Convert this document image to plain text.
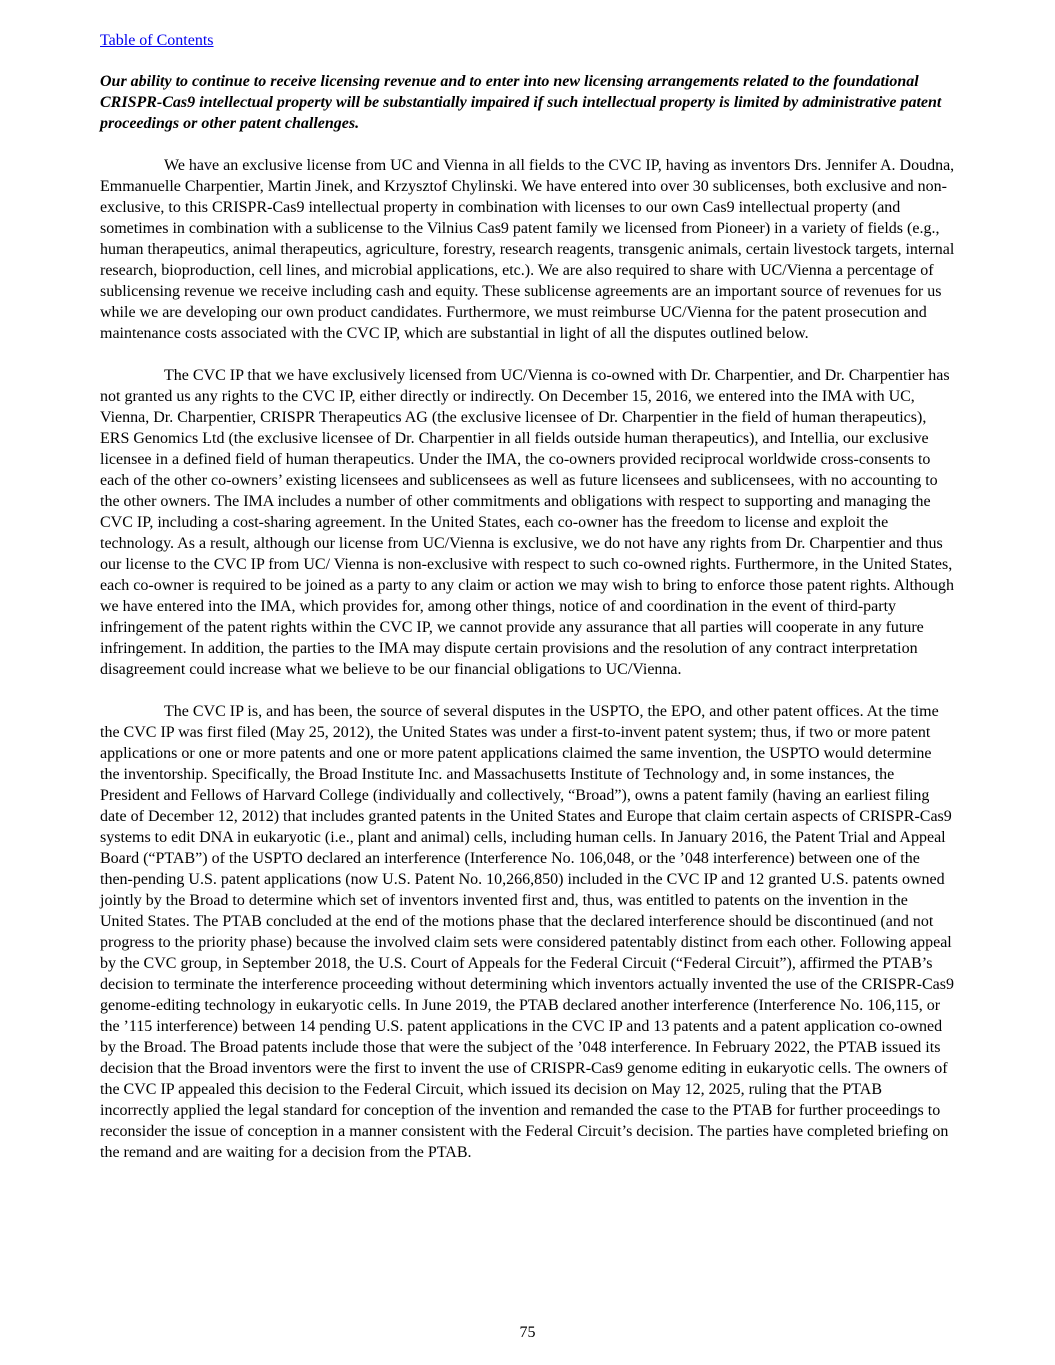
Table of Contents

Our ability to continue to receive licensing revenue and to enter into new licensing arrangements related to the foundational CRISPR-Cas9 intellectual property will be substantially impaired if such intellectual property is limited by administrative patent proceedings or other patent challenges.

We have an exclusive license from UC and Vienna in all fields to the CVC IP, having as inventors Drs. Jennifer A. Doudna, Emmanuelle Charpentier, Martin Jinek, and Krzysztof Chylinski. We have entered into over 30 sublicenses, both exclusive and non-exclusive, to this CRISPR-Cas9 intellectual property in combination with licenses to our own Cas9 intellectual property (and sometimes in combination with a sublicense to the Vilnius Cas9 patent family we licensed from Pioneer) in a variety of fields (e.g., human therapeutics, animal therapeutics, agriculture, forestry, research reagents, transgenic animals, certain livestock targets, internal research, bioproduction, cell lines, and microbial applications, etc.). We are also required to share with UC/Vienna a percentage of sublicensing revenue we receive including cash and equity. These sublicense agreements are an important source of revenues for us while we are developing our own product candidates. Furthermore, we must reimburse UC/Vienna for the patent prosecution and maintenance costs associated with the CVC IP, which are substantial in light of all the disputes outlined below.

The CVC IP that we have exclusively licensed from UC/Vienna is co-owned with Dr. Charpentier, and Dr. Charpentier has not granted us any rights to the CVC IP, either directly or indirectly. On December 15, 2016, we entered into the IMA with UC, Vienna, Dr. Charpentier, CRISPR Therapeutics AG (the exclusive licensee of Dr. Charpentier in the field of human therapeutics), ERS Genomics Ltd (the exclusive licensee of Dr. Charpentier in all fields outside human therapeutics), and Intellia, our exclusive licensee in a defined field of human therapeutics. Under the IMA, the co-owners provided reciprocal worldwide cross-consents to each of the other co-owners’ existing licensees and sublicensees as well as future licensees and sublicensees, with no accounting to the other owners. The IMA includes a number of other commitments and obligations with respect to supporting and managing the CVC IP, including a cost-sharing agreement. In the United States, each co-owner has the freedom to license and exploit the technology. As a result, although our license from UC/Vienna is exclusive, we do not have any rights from Dr. Charpentier and thus our license to the CVC IP from UC/ Vienna is non-exclusive with respect to such co-owned rights. Furthermore, in the United States, each co-owner is required to be joined as a party to any claim or action we may wish to bring to enforce those patent rights. Although we have entered into the IMA, which provides for, among other things, notice of and coordination in the event of third-party infringement of the patent rights within the CVC IP, we cannot provide any assurance that all parties will cooperate in any future infringement. In addition, the parties to the IMA may dispute certain provisions and the resolution of any contract interpretation disagreement could increase what we believe to be our financial obligations to UC/Vienna.

The CVC IP is, and has been, the source of several disputes in the USPTO, the EPO, and other patent offices. At the time the CVC IP was first filed (May 25, 2012), the United States was under a first-to-invent patent system; thus, if two or more patent applications or one or more patents and one or more patent applications claimed the same invention, the USPTO would determine the inventorship. Specifically, the Broad Institute Inc. and Massachusetts Institute of Technology and, in some instances, the President and Fellows of Harvard College (individually and collectively, “Broad”), owns a patent family (having an earliest filing date of December 12, 2012) that includes granted patents in the United States and Europe that claim certain aspects of CRISPR-Cas9 systems to edit DNA in eukaryotic (i.e., plant and animal) cells, including human cells. In January 2016, the Patent Trial and Appeal Board (“PTAB”) of the USPTO declared an interference (Interference No. 106,048, or the ’048 interference) between one of the then-pending U.S. patent applications (now U.S. Patent No. 10,266,850) included in the CVC IP and 12 granted U.S. patents owned jointly by the Broad to determine which set of inventors invented first and, thus, was entitled to patents on the invention in the United States. The PTAB concluded at the end of the motions phase that the declared interference should be discontinued (and not progress to the priority phase) because the involved claim sets were considered patentably distinct from each other. Following appeal by the CVC group, in September 2018, the U.S. Court of Appeals for the Federal Circuit (“Federal Circuit”), affirmed the PTAB’s decision to terminate the interference proceeding without determining which inventors actually invented the use of the CRISPR-Cas9 genome-editing technology in eukaryotic cells. In June 2019, the PTAB declared another interference (Interference No. 106,115, or the ’115 interference) between 14 pending U.S. patent applications in the CVC IP and 13 patents and a patent application co-owned by the Broad. The Broad patents include those that were the subject of the ’048 interference. In February 2022, the PTAB issued its decision that the Broad inventors were the first to invent the use of CRISPR-Cas9 genome editing in eukaryotic cells. The owners of the CVC IP appealed this decision to the Federal Circuit, which issued its decision on May 12, 2025, ruling that the PTAB incorrectly applied the legal standard for conception of the invention and remanded the case to the PTAB for further proceedings to reconsider the issue of conception in a manner consistent with the Federal Circuit’s decision. The parties have completed briefing on the remand and are waiting for a decision from the PTAB.

75
